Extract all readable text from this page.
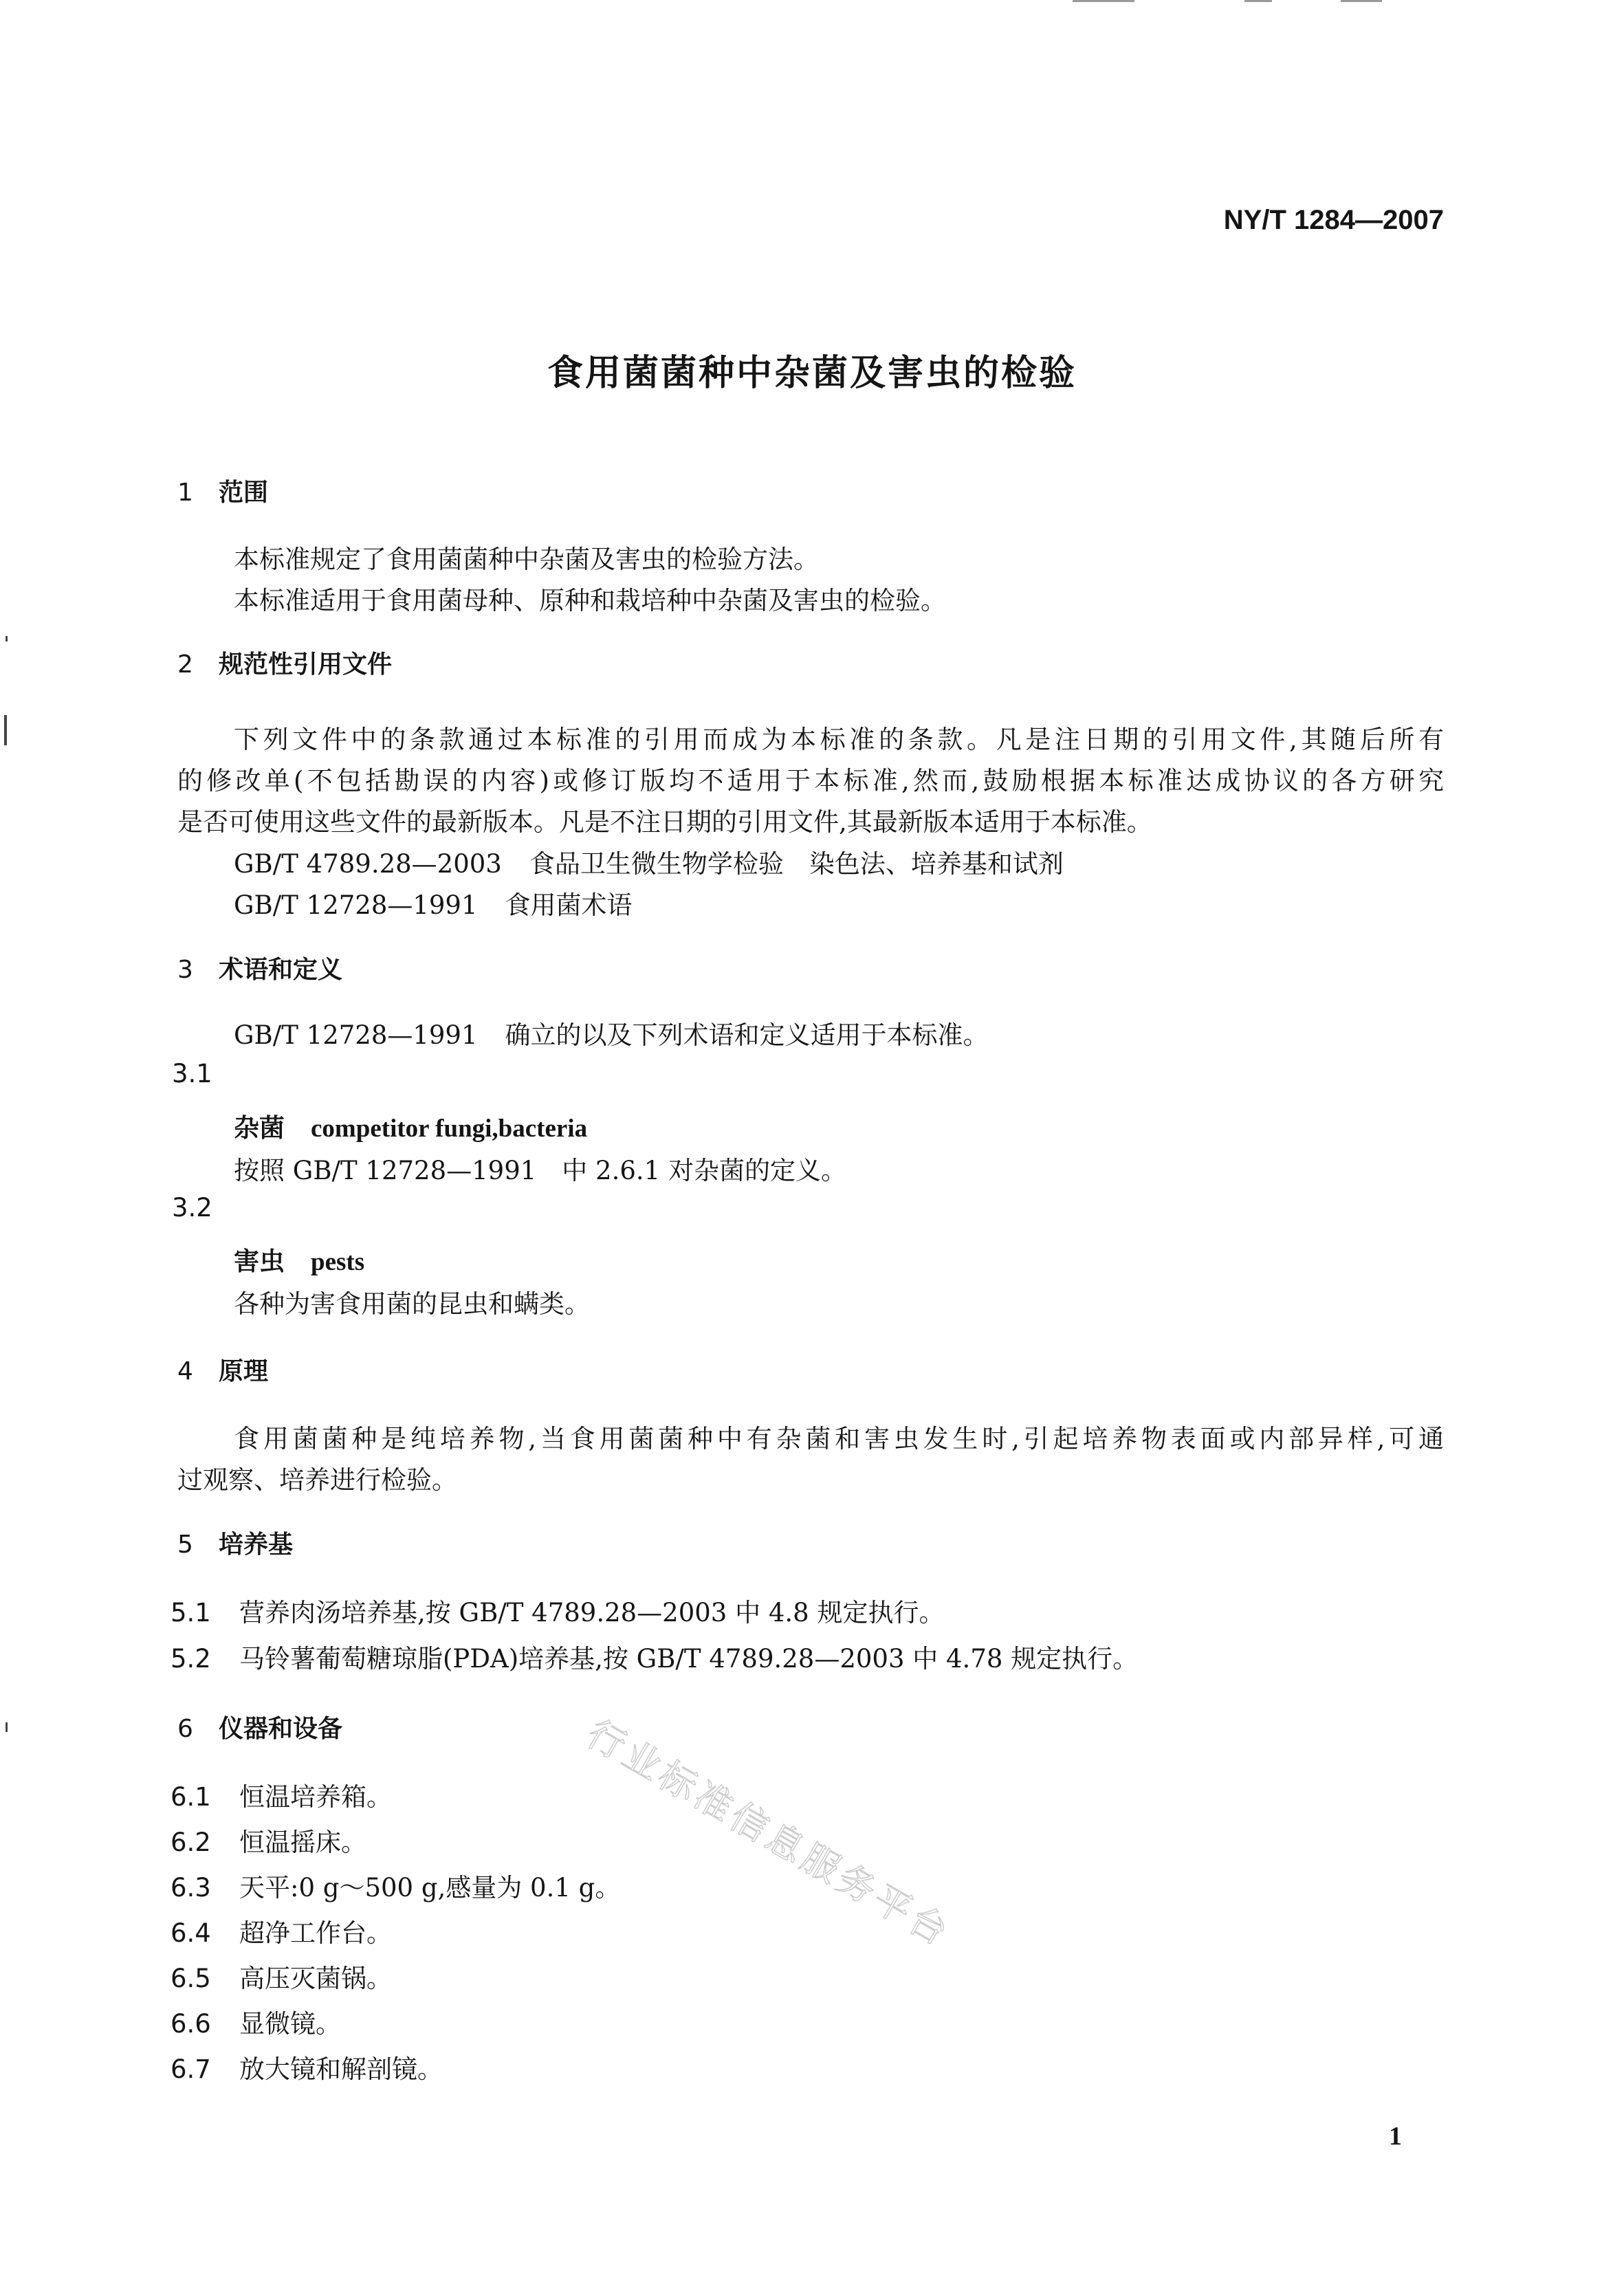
NY/T 1284—2007
食用菌菌种中杂菌及害虫的检验
1 范围
本标准规定了食用菌菌种中杂菌及害虫的检验方法。
本标准适用于食用菌母种、原种和栽培种中杂菌及害虫的检验。
2 规范性引用文件
下列文件中的条款通过本标准的引用而成为本标准的条款。凡是注日期的引用文件,其随后所有
的修改单(不包括勘误的内容)或修订版均不适用于本标准,然而,鼓励根据本标准达成协议的各方研究
是否可使用这些文件的最新版本。凡是不注日期的引用文件,其最新版本适用于本标准。
GB/T 4789.28—2003 食品卫生微生物学检验　染色法、培养基和试剂
GB/T 12728—1991 食用菌术语
3 术语和定义
GB/T 12728—1991 确立的以及下列术语和定义适用于本标准。
3.1
杂菌 competitor fungi,bacteria
按照 GB/T 12728—1991　中 2.6.1 对杂菌的定义。
3.2
害虫 pests
各种为害食用菌的昆虫和螨类。
4 原理
食用菌菌种是纯培养物,当食用菌菌种中有杂菌和害虫发生时,引起培养物表面或内部异样,可通
过观察、培养进行检验。
5 培养基
5.1 营养肉汤培养基,按 GB/T 4789.28—2003 中 4.8 规定执行。
5.2 马铃薯葡萄糖琼脂(PDA)培养基,按 GB/T 4789.28—2003 中 4.78 规定执行。
6 仪器和设备
6.1 恒温培养箱。
6.2 恒温摇床。
6.3 天平:0 g～500 g,感量为 0.1 g。
6.4 超净工作台。
6.5 高压灭菌锅。
6.6 显微镜。
6.7 放大镜和解剖镜。
行业标准信息服务平台
1
